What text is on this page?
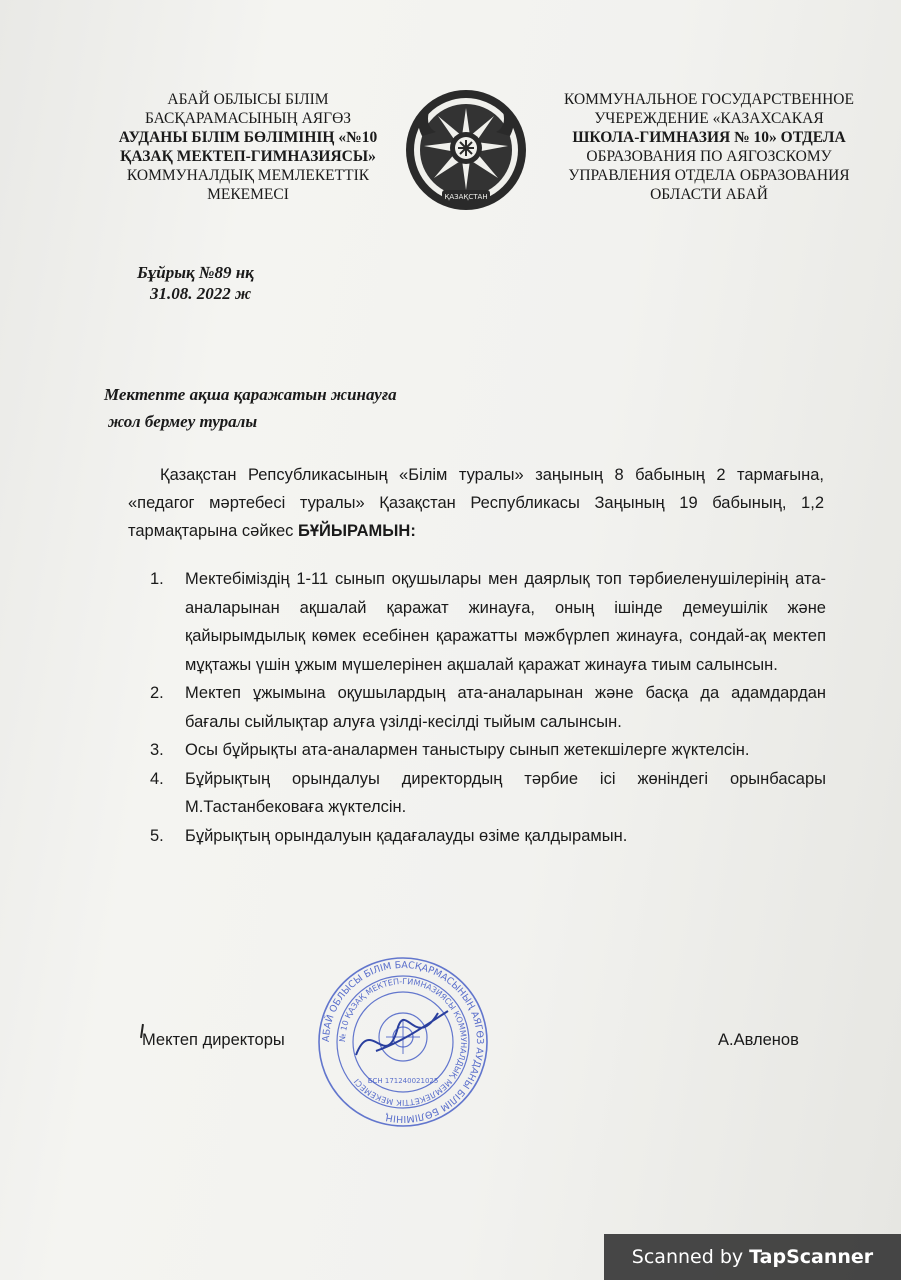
АБАЙ ОБЛЫСЫ БІЛІМ
БАСҚАРАМАСЫНЫҢ АЯГӨЗ
АУДАНЫ БІЛІМ БӨЛІМІНІҢ «№10
ҚАЗАҚ МЕКТЕП-ГИМНАЗИЯСЫ»
КОММУНАЛДЫҚ МЕМЛЕКЕТТІК
МЕКЕМЕСІ	ҚАЗАҚСТАН
КОММУНАЛЬНОЕ ГОСУДАРСТВЕННОЕ
УЧЕРЕЖДЕНИЕ «КАЗАХСАКАЯ
ШКОЛА-ГИМНАЗИЯ № 10» ОТДЕЛА
ОБРАЗОВАНИЯ ПО АЯГОЗСКОМУ
УПРАВЛЕНИЯ ОТДЕЛА ОБРАЗОВАНИЯ
ОБЛАСТИ АБАЙ
Бұйрық №89 нқ
31.08. 2022 ж
Мектепте ақша қаражатын жинауға
жол бермеу туралы
Қазақстан Репсубликасының «Білім туралы» заңының 8 бабының 2 тармағына, «педагог мәртебесі туралы» Қазақстан Республикасы Заңының 19 бабының, 1,2 тармақтарына сәйкес БҰЙЫРАМЫН:
1.	Мектебіміздің 1-11 сынып оқушылары мен даярлық топ тәрбиеленушілерінің ата-аналарынан ақшалай қаражат жинауға, оның ішінде демеушілік және қайырымдылық көмек есебінен қаражатты мәжбүрлеп жинауға, сондай-ақ мектеп мұқтажы үшін ұжым мүшелерінен ақшалай қаражат жинауға тиым салынсын.
2.	Мектеп ұжымына оқушылардың ата-аналарынан және басқа да адамдардан бағалы сыйлықтар алуға үзілді-кесілді тыйым салынсын.
3.	Осы бұйрықты ата-аналармен таныстыру сынып жетекшілерге жүктелсін.
4.	Бұйрықтың орындалуы директордың тәрбие ісі жөніндегі орынбасары М.Тастанбековаға жүктелсін.
5.	Бұйрықтың орындалуын қадағалауды өзіме қалдырамын.
АБАЙ ОБЛЫСЫ БІЛІМ БАСҚАРМАСЫНЫҢ АЯГӨЗ АУДАНЫ БІЛІМ БӨЛІМІНІҢ
№ 10 ҚАЗАҚ МЕКТЕП-ГИМНАЗИЯСЫ КОММУНАЛДЫҚ МЕМЛЕКЕТТІК МЕКЕМЕСІ БСН 171240021025
Мектеп директоры	А.Авленов
Scanned by TapScanner
